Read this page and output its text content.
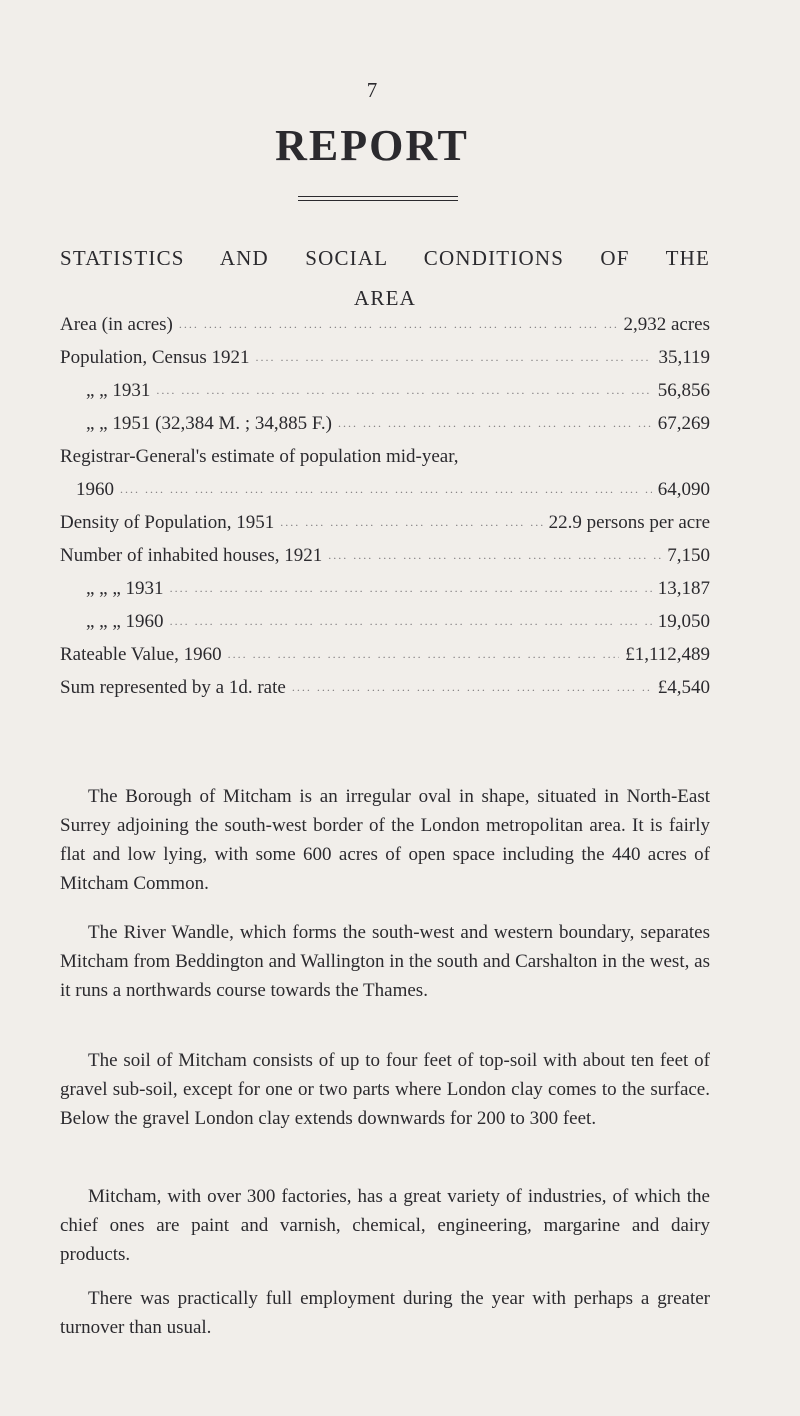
7
REPORT
STATISTICS AND SOCIAL CONDITIONS OF THE
AREA
Area (in acres) ....	2,932 acres
Population, Census 1921 ....	35,119
„ „ 1931 ....	56,856
„ „ 1951 (32,384 M. ; 34,885 F.) ....	67,269
Registrar-General's estimate of population mid-year,
1960 ....	64,090
Density of Population, 1951 ....	22.9 persons per acre
Number of inhabited houses, 1921 ....	7,150
„ „ „ 1931 ....	13,187
„ „ „ 1960 ....	19,050
Rateable Value, 1960 ....	£1,112,489
Sum represented by a 1d. rate ....	£4,540

The Borough of Mitcham is an irregular oval in shape, situated in North-East Surrey adjoining the south-west border of the London metropolitan area. It is fairly flat and low lying, with some 600 acres of open space including the 440 acres of Mitcham Common.

The River Wandle, which forms the south-west and western boundary, separates Mitcham from Beddington and Wallington in the south and Carshalton in the west, as it runs a northwards course towards the Thames.

The soil of Mitcham consists of up to four feet of top-soil with about ten feet of gravel sub-soil, except for one or two parts where London clay comes to the surface. Below the gravel London clay extends downwards for 200 to 300 feet.

Mitcham, with over 300 factories, has a great variety of industries, of which the chief ones are paint and varnish, chemical, engineering, margarine and dairy products.

There was practically full employment during the year with perhaps a greater turnover than usual.
